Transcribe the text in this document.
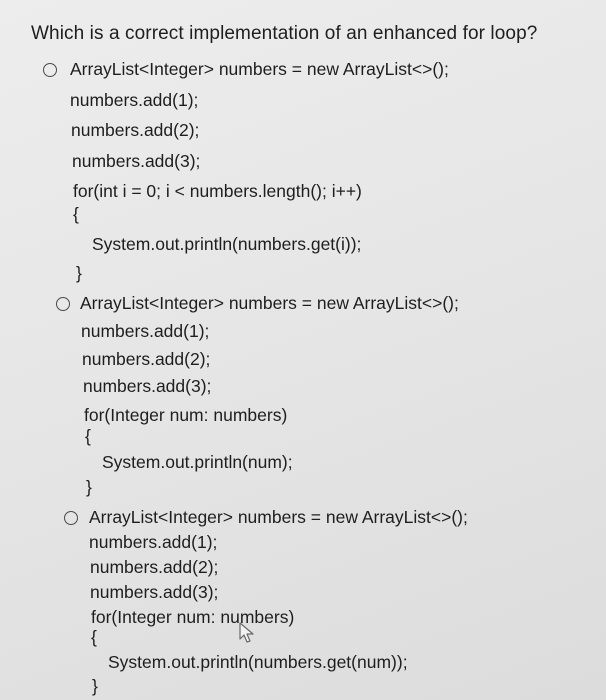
Which is a correct implementation of an enhanced for loop?
ArrayList<Integer> numbers = new ArrayList<>();
numbers.add(1);
numbers.add(2);
numbers.add(3);
for(int i = 0; i < numbers.length(); i++)
{
System.out.println(numbers.get(i));
}
ArrayList<Integer> numbers = new ArrayList<>();
numbers.add(1);
numbers.add(2);
numbers.add(3);
for(Integer num: numbers)
{
System.out.println(num);
}
ArrayList<Integer> numbers = new ArrayList<>();
numbers.add(1);
numbers.add(2);
numbers.add(3);
for(Integer num: numbers)
{
System.out.println(numbers.get(num));
}
